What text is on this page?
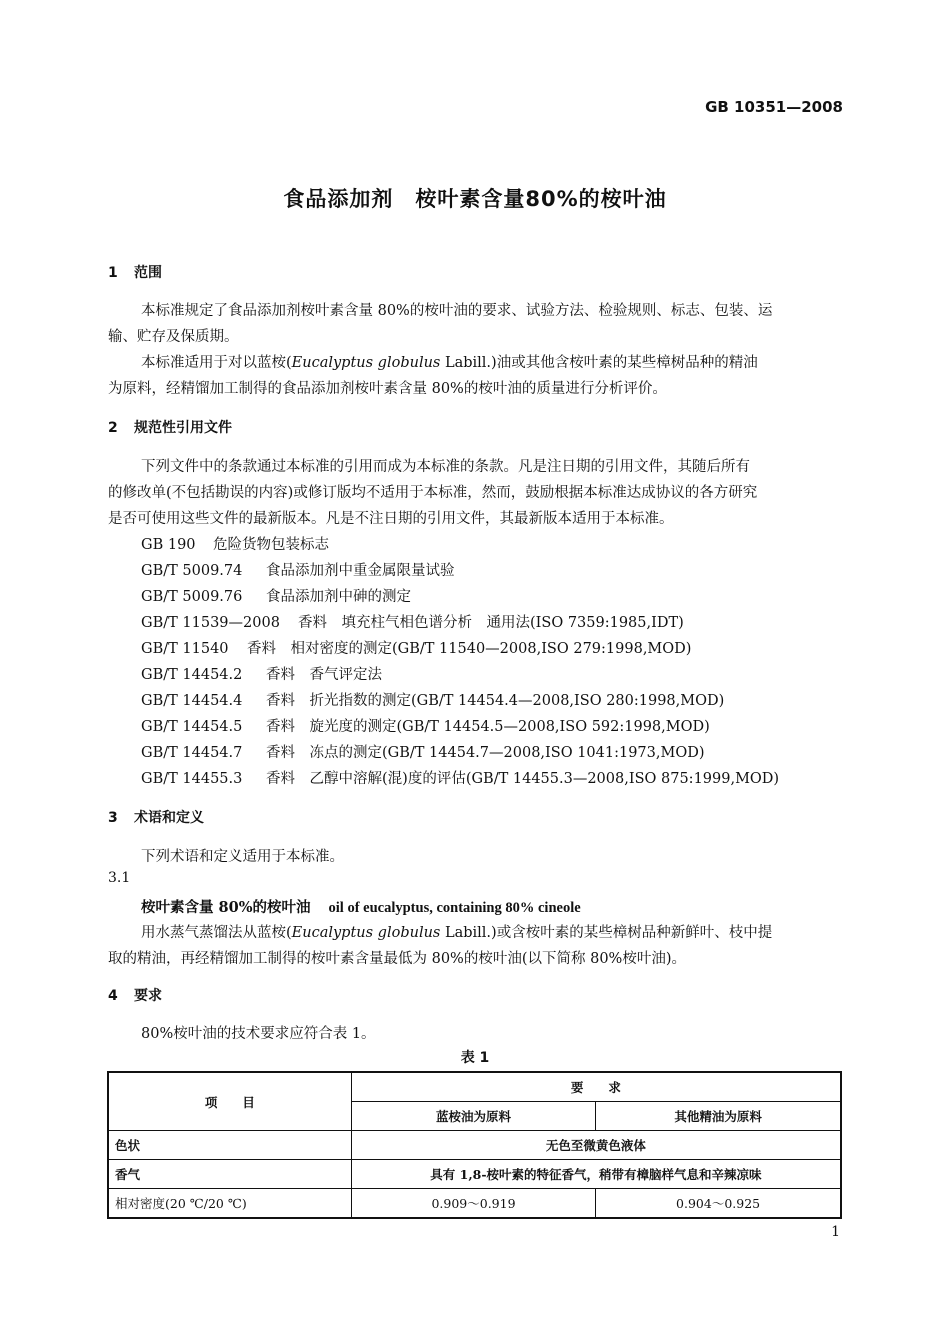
GB 10351—2008
食品添加剂　桉叶素含量80%的桉叶油
1 范围
本标准规定了食品添加剂桉叶素含量 80%的桉叶油的要求、试验方法、检验规则、标志、包装、运
输、贮存及保质期。
本标准适用于对以蓝桉(Eucalyptus globulus Labill.)油或其他含桉叶素的某些樟树品种的精油
为原料，经精馏加工制得的食品添加剂桉叶素含量 80%的桉叶油的质量进行分析评价。
2 规范性引用文件
下列文件中的条款通过本标准的引用而成为本标准的条款。凡是注日期的引用文件，其随后所有
的修改单(不包括勘误的内容)或修订版均不适用于本标准，然而，鼓励根据本标准达成协议的各方研究
是否可使用这些文件的最新版本。凡是不注日期的引用文件，其最新版本适用于本标准。
GB 190 危险货物包装标志
GB/T 5009.74 食品添加剂中重金属限量试验
GB/T 5009.76 食品添加剂中砷的测定
GB/T 11539—2008 香料　填充柱气相色谱分析　通用法(ISO 7359:1985,IDT)
GB/T 11540 香料　相对密度的测定(GB/T 11540—2008,ISO 279:1998,MOD)
GB/T 14454.2 香料　香气评定法
GB/T 14454.4 香料　折光指数的测定(GB/T 14454.4—2008,ISO 280:1998,MOD)
GB/T 14454.5 香料　旋光度的测定(GB/T 14454.5—2008,ISO 592:1998,MOD)
GB/T 14454.7 香料　冻点的测定(GB/T 14454.7—2008,ISO 1041:1973,MOD)
GB/T 14455.3 香料　乙醇中溶解(混)度的评估(GB/T 14455.3—2008,ISO 875:1999,MOD)
3 术语和定义
下列术语和定义适用于本标准。
3.1
桉叶素含量 80%的桉叶油 oil of eucalyptus, containing 80% cineole
用水蒸气蒸馏法从蓝桉(Eucalyptus globulus Labill.)或含桉叶素的某些樟树品种新鲜叶、枝中提
取的精油，再经精馏加工制得的桉叶素含量最低为 80%的桉叶油(以下简称 80%桉叶油)。
4 要求
80%桉叶油的技术要求应符合表 1。
表 1
项　　目	要　　求	
	蓝桉油为原料	其他精油为原料
色状	无色至微黄色液体	
香气	具有 1,8-桉叶素的特征香气，稍带有樟脑样气息和辛辣凉味	
相对密度(20 ℃/20 ℃)	0.909～0.919	0.904～0.925
1
